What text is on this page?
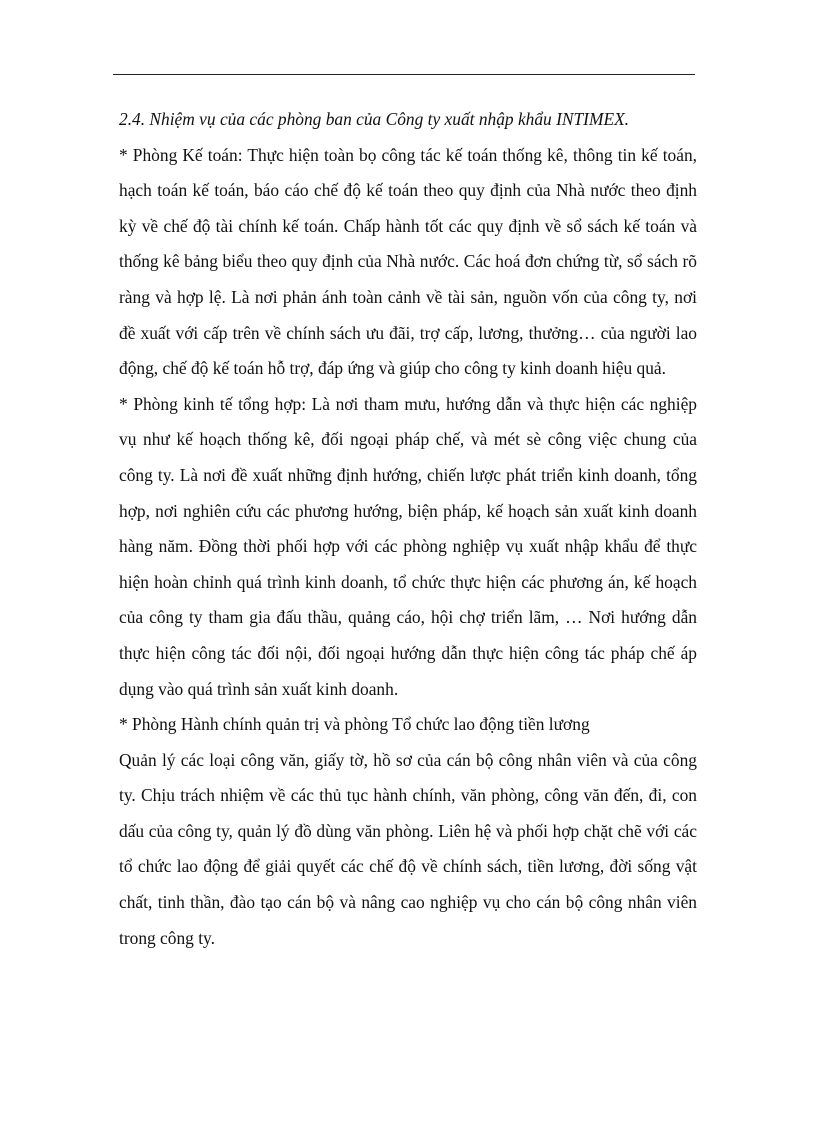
2.4. Nhiệm vụ của các phòng ban của Công ty xuất nhập khẩu INTIMEX.

* Phòng Kế toán: Thực hiện toàn bọ công tác kế toán thống kê, thông tin kế toán, hạch toán kế toán, báo cáo chế độ kế toán theo quy định của Nhà nước theo định kỳ về chế độ tài chính kế toán. Chấp hành tốt các quy định về sổ sách kế toán và thống kê bảng biểu theo quy định của Nhà nước. Các hoá đơn chứng từ, sổ sách rõ ràng và hợp lệ. Là nơi phản ánh toàn cảnh về tài sản, nguồn vốn của công ty, nơi đề xuất với cấp trên về chính sách ưu đãi, trợ cấp, lương, thưởng… của người lao động, chế độ kế toán hỗ trợ, đáp ứng và giúp cho công ty kinh doanh hiệu quả.

* Phòng kinh tế tổng hợp: Là nơi tham mưu, hướng dẫn và thực hiện các nghiệp vụ như kế hoạch thống kê, đối ngoại pháp chế, và mét sè công việc chung của công ty. Là nơi đề xuất những định hướng, chiến lược phát triển kinh doanh, tổng hợp, nơi nghiên cứu các phương hướng, biện pháp, kế hoạch sản xuất kinh doanh hàng năm. Đồng thời phối hợp với các phòng nghiệp vụ xuất nhập khẩu để thực hiện hoàn chỉnh quá trình kinh doanh, tổ chức thực hiện các phương án, kế hoạch của công ty tham gia đấu thầu, quảng cáo, hội chợ triển lãm, … Nơi hướng dẫn thực hiện công tác đối nội, đối ngoại hướng dẫn thực hiện công tác pháp chế áp dụng vào quá trình sản xuất kinh doanh.

* Phòng Hành chính quản trị và phòng Tổ chức lao động tiền lương

Quản lý các loại công văn, giấy tờ, hồ sơ của cán bộ công nhân viên và của công ty. Chịu trách nhiệm về các thủ tục hành chính, văn phòng, công văn đến, đi, con dấu của công ty, quản lý đồ dùng văn phòng. Liên hệ và phối hợp chặt chẽ với các tổ chức lao động để giải quyết các chế độ về chính sách, tiền lương, đời sống vật chất, tinh thần, đào tạo cán bộ và nâng cao nghiệp vụ cho cán bộ công nhân viên trong công ty.
